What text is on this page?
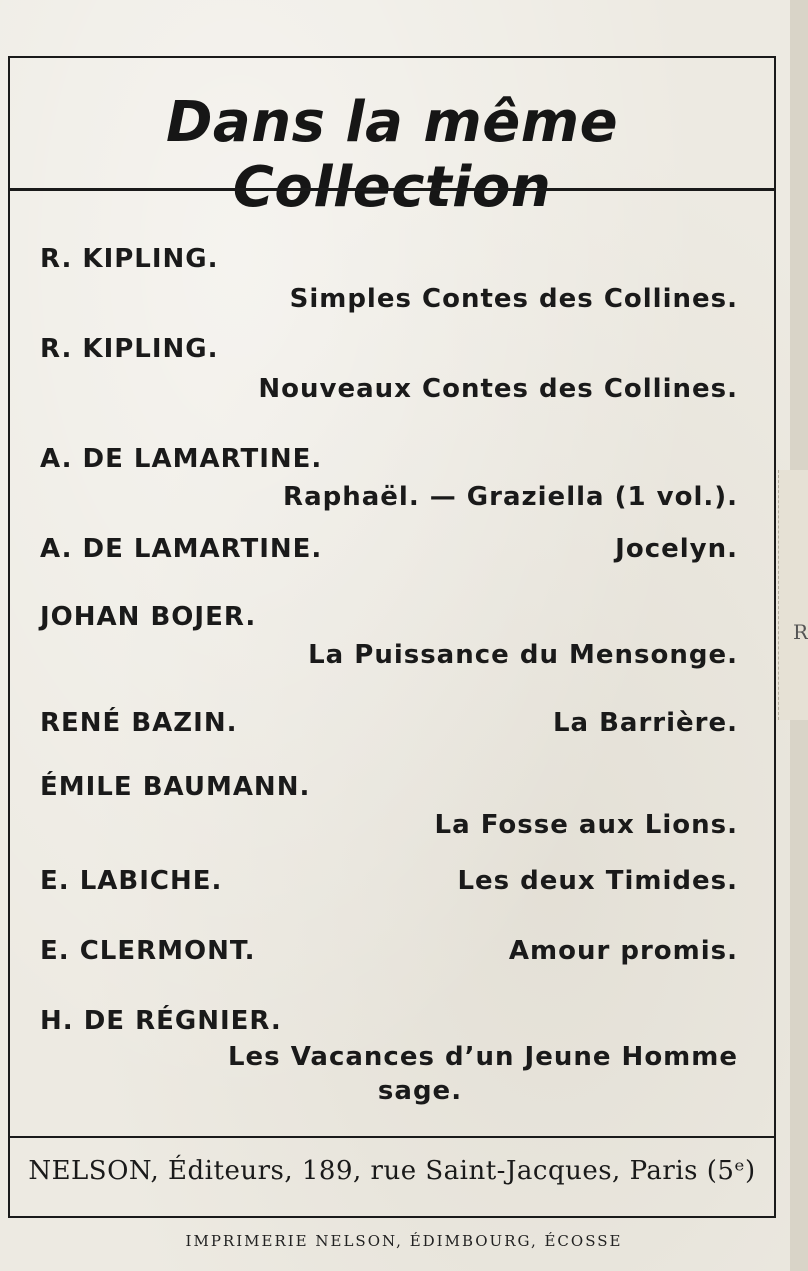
R
Dans la même Collection
R. KIPLING.
Simples Contes des Collines.
R. KIPLING.
Nouveaux Contes des Collines.
A. DE LAMARTINE.
Raphaël. — Graziella (1 vol.).
A. DE LAMARTINE.	Jocelyn.
JOHAN BOJER.
La Puissance du Mensonge.
RENÉ BAZIN.	La Barrière.
ÉMILE BAUMANN.
La Fosse aux Lions.
E. LABICHE.	Les deux Timides.
E. CLERMONT.	Amour promis.
H. DE RÉGNIER.
Les Vacances d’un Jeune Homme
sage.
NELSON, Éditeurs, 189, rue Saint-Jacques, Paris (5ᵉ)
IMPRIMERIE NELSON, ÉDIMBOURG, ÉCOSSE
